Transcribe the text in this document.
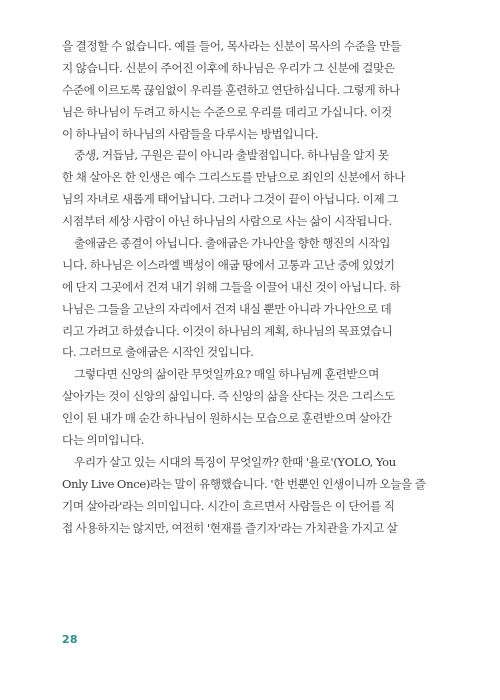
을 결정할 수 없습니다. 예를 들어, 목사라는 신분이 목사의 수준을 만들
지 않습니다. 신분이 주어진 이후에 하나님은 우리가 그 신분에 걸맞은
수준에 이르도록 끊임없이 우리를 훈련하고 연단하십니다. 그렇게 하나
님은 하나님이 두려고 하시는 수준으로 우리를 데리고 가십니다. 이것
이 하나님이 하나님의 사람들을 다루시는 방법입니다.
중생, 거듭남, 구원은 끝이 아니라 출발점입니다. 하나님을 알지 못
한 채 살아온 한 인생은 예수 그리스도를 만남으로 죄인의 신분에서 하나
님의 자녀로 새롭게 태어납니다. 그러나 그것이 끝이 아닙니다. 이제 그
시점부터 세상 사람이 아닌 하나님의 사람으로 사는 삶이 시작됩니다.
출애굽은 종결이 아닙니다. 출애굽은 가나안을 향한 행진의 시작입
니다. 하나님은 이스라엘 백성이 애굽 땅에서 고통과 고난 중에 있었기
에 단지 그곳에서 건져 내기 위해 그들을 이끌어 내신 것이 아닙니다. 하
나님은 그들을 고난의 자리에서 건져 내실 뿐만 아니라 가나안으로 데
리고 가려고 하셨습니다. 이것이 하나님의 계획, 하나님의 목표였습니
다. 그러므로 출애굽은 시작인 것입니다.
그렇다면 신앙의 삶이란 무엇일까요? 매일 하나님께 훈련받으며
살아가는 것이 신앙의 삶입니다. 즉 신앙의 삶을 산다는 것은 그리스도
인이 된 내가 매 순간 하나님이 원하시는 모습으로 훈련받으며 살아간
다는 의미입니다.
우리가 살고 있는 시대의 특징이 무엇일까? 한때 '욜로'(YOLO, You
Only Live Once)라는 말이 유행했습니다. '한 번뿐인 인생이니까 오늘을 즐
기며 살아라'라는 의미입니다. 시간이 흐르면서 사람들은 이 단어를 직
접 사용하지는 않지만, 여전히 '현재를 즐기자'라는 가치관을 가지고 살
28
